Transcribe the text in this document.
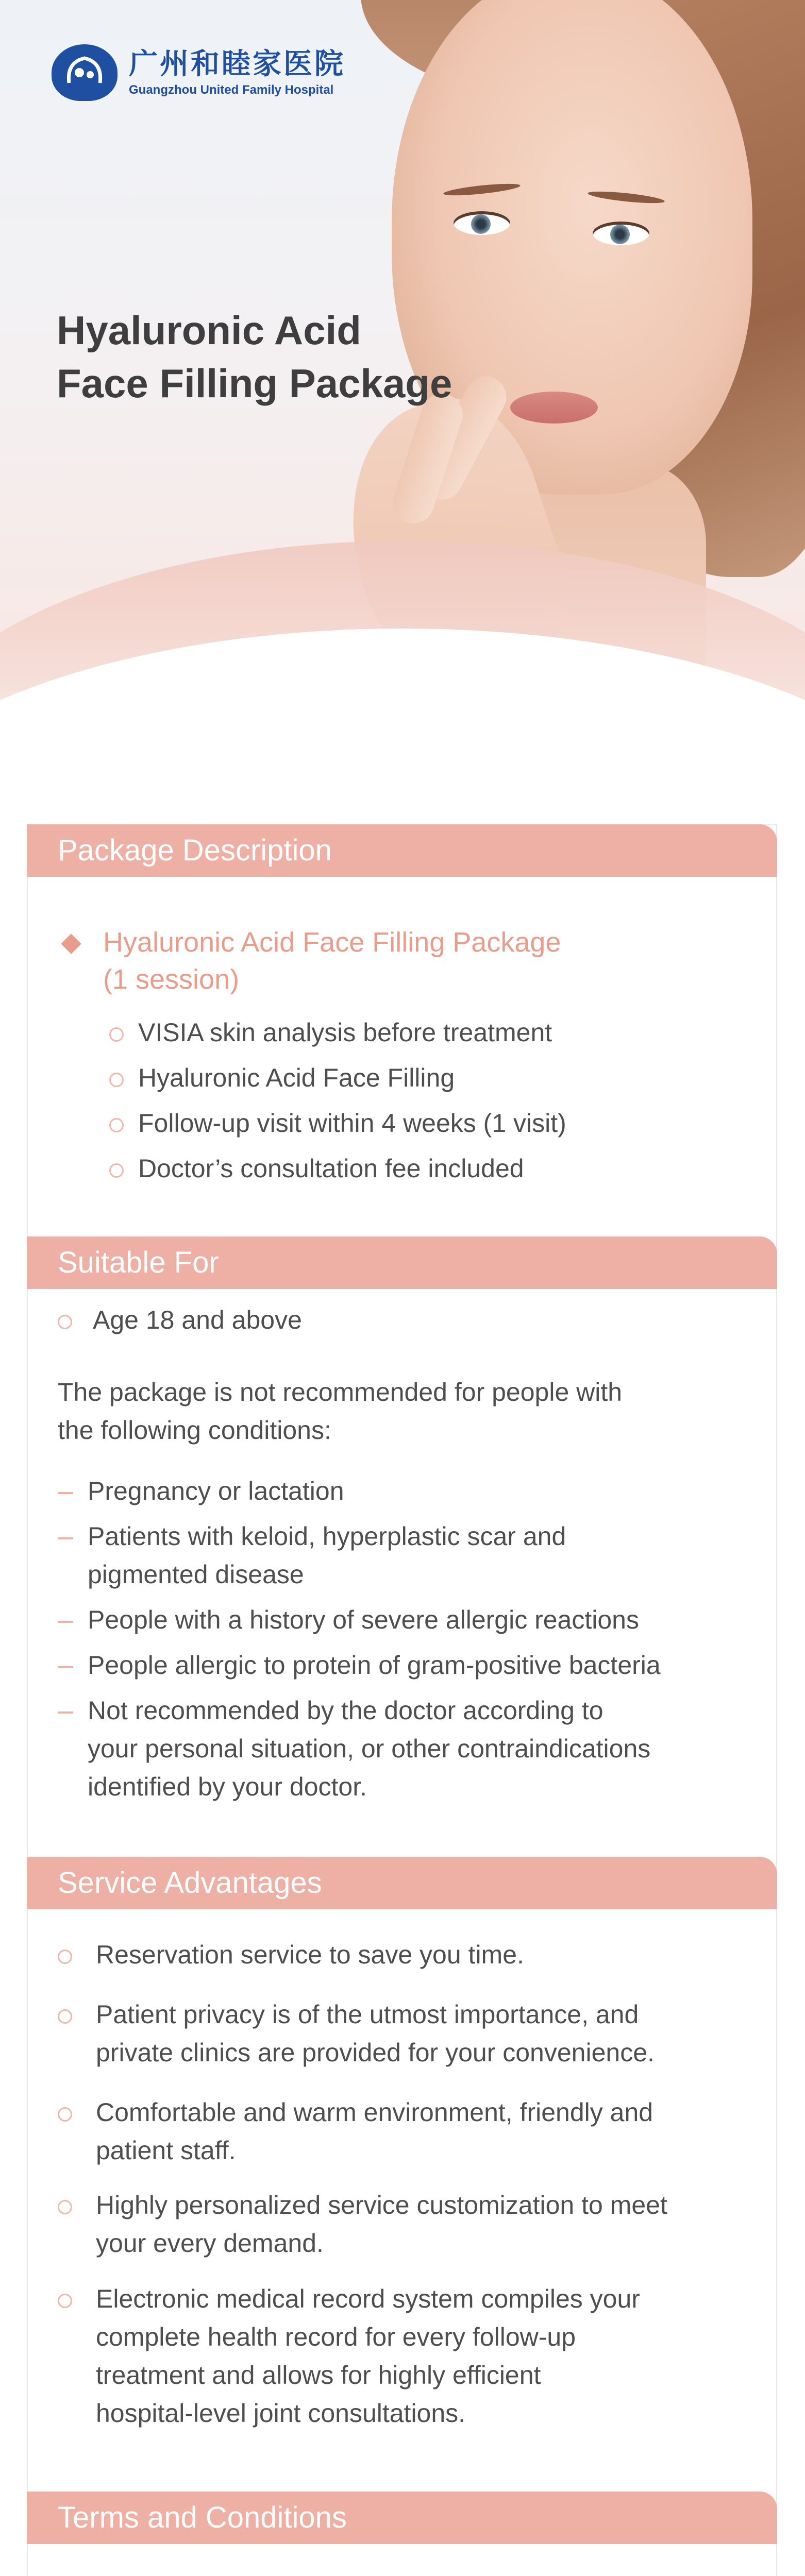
广州和睦家医院
Guangzhou United Family Hospital
Hyaluronic Acid
Face Filling Package
Package Description
Hyaluronic Acid Face Filling Package
(1 session)
VISIA skin analysis before treatment
Hyaluronic Acid Face Filling
Follow-up visit within 4 weeks (1 visit)
Doctor’s consultation fee included
Suitable For
Age 18 and above
The package is not recommended for people with
the following conditions:
Pregnancy or lactation
Patients with keloid, hyperplastic scar and
pigmented disease
People with a history of severe allergic reactions
People allergic to protein of gram-positive bacteria
Not recommended by the doctor according to
your personal situation, or other contraindications
identified by your doctor.
Service Advantages
Reservation service to save you time.
Patient privacy is of the utmost importance, and
private clinics are provided for your convenience.
Comfortable and warm environment, friendly and
patient staff.
Highly personalized service customization to meet
your every demand.
Electronic medical record system compiles your
complete health record for every follow-up
treatment and allows for highly efficient
hospital-level joint consultations.
Terms and Conditions
